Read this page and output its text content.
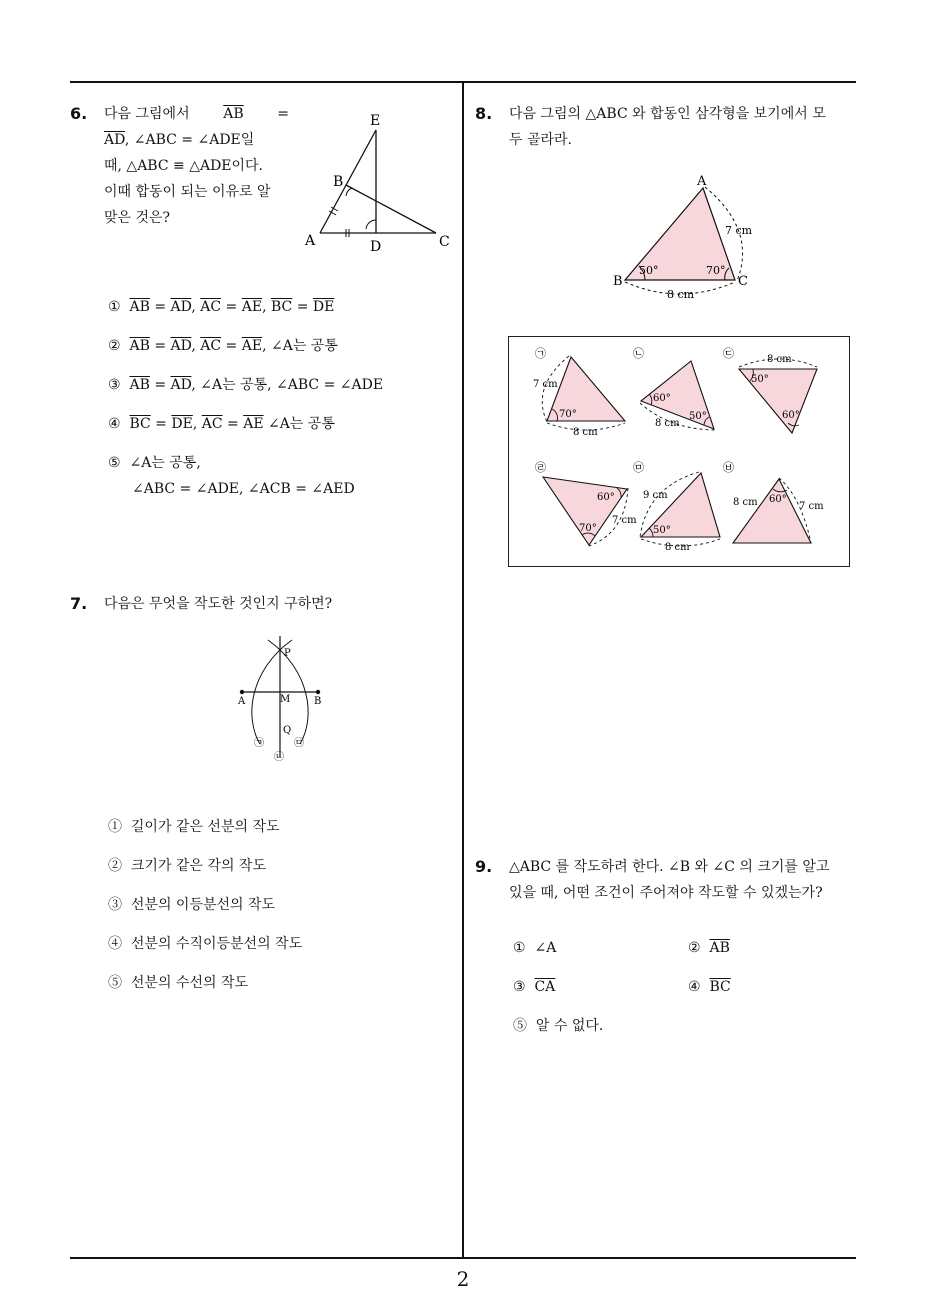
6. 다음 그림에서 $\overline{AB}$ =
$\overline{AD}$, ∠ABC = ∠ADE일
때, △ABC ≡ △ADE이다.
이때 합동이 되는 이유로 알
맞은 것은?
E
B
A	D	C
① $\overline{AB} = \overline{AD}$, $\overline{AC} = \overline{AE}$, $\overline{BC} = \overline{DE}$
② $\overline{AB} = \overline{AD}$, $\overline{AC} = \overline{AE}$, ∠A는 공통
③ $\overline{AB} = \overline{AD}$, ∠A는 공통, ∠ABC = ∠ADE
④ $\overline{BC} = \overline{DE}$, $\overline{AC} = \overline{AE}$ ∠A는 공통
⑤ ∠A는 공통,
∠ABC = ∠ADE, ∠ACB = ∠AED
7. 다음은 무엇을 작도한 것인지 구하면?
P
A	M B
Q
㉠
㉡
㉢
① 길이가 같은 선분의 작도
② 크기가 같은 각의 작도
③ 선분의 이등분선의 작도
④ 선분의 수직이등분선의 작도
⑤ 선분의 수선의 작도
8. 다음 그림의 △ABC 와 합동인 삼각형을 보기에서 모
두 골라라.
A
B	C
7 cm
8 cm
50°	70°
㉠
7 cm
8 cm
70°
㉡
60°
50°
8 cm
㉢	8 cm
50°
60°
㉣
60°
70°
7 cm
㉤
9 cm
50°
8 cm
㉥
8 cm 60°
7 cm
9. △ABC 를 작도하려 한다. ∠B 와 ∠C 의 크기를 알고
있을 때, 어떤 조건이 주어져야 작도할 수 있겠는가?
① ∠A	② $\overline{AB}$
③ $\overline{CA}$	④ $\overline{BC}$
⑤ 알 수 없다.
2
